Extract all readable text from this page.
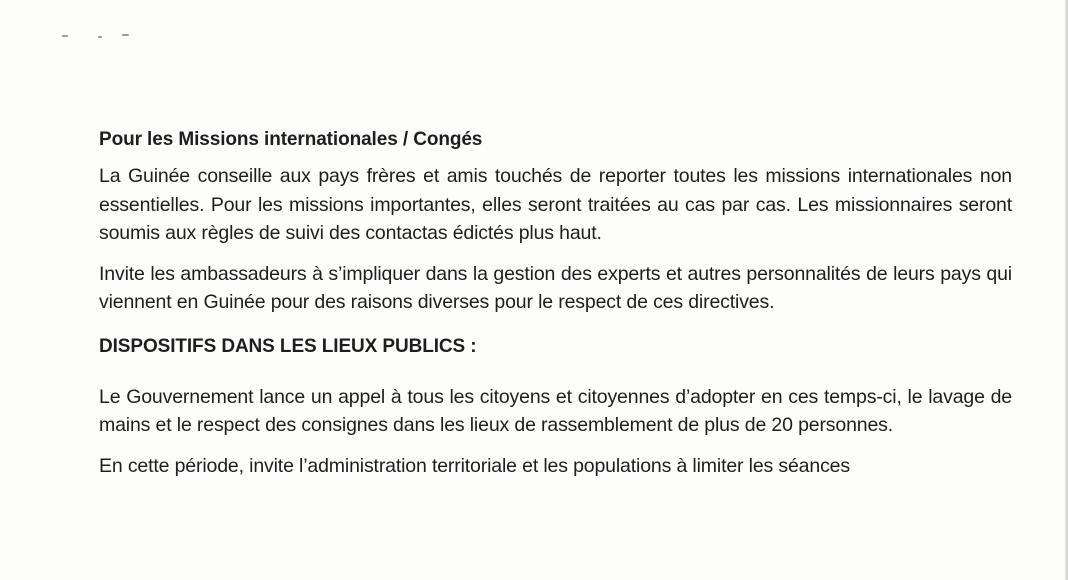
Pour les Missions internationales / Congés

La Guinée conseille aux pays frères et amis touchés de reporter toutes les missions internationales non essentielles. Pour les missions importantes, elles seront traitées au cas par cas. Les missionnaires seront soumis aux règles de suivi des contactas édictés plus haut.

Invite les ambassadeurs à s’impliquer dans la gestion des experts et autres personnalités de leurs pays qui viennent en Guinée pour des raisons diverses pour le respect de ces directives.

DISPOSITIFS DANS LES LIEUX PUBLICS :

Le Gouvernement lance un appel à tous les citoyens et citoyennes d’adopter en ces temps-ci, le lavage de mains et le respect des consignes dans les lieux de rassemblement de plus de 20 personnes.

En cette période, invite l’administration territoriale et les populations à limiter les séances
